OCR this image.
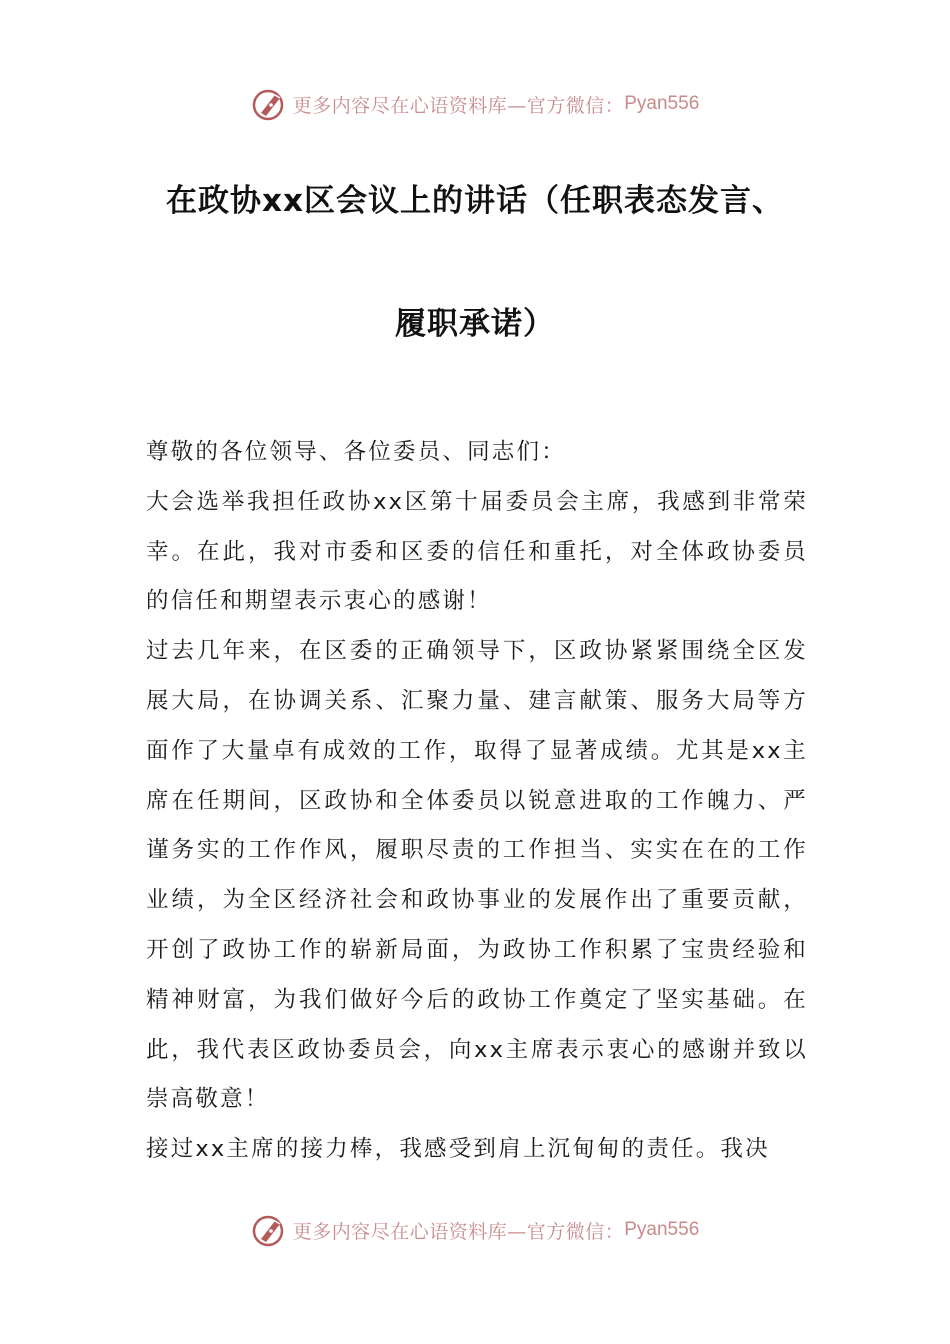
更多内容尽在心语资料库—官方微信： Pyan556
在政协xx区会议上的讲话（任职表态发言、
履职承诺）

尊敬的各位领导、各位委员、同志们：

大会选举我担任政协xx区第十届委员会主席，我感到非常荣幸。在此，我对市委和区委的信任和重托，对全体政协委员的信任和期望表示衷心的感谢！

过去几年来，在区委的正确领导下，区政协紧紧围绕全区发展大局，在协调关系、汇聚力量、建言献策、服务大局等方面作了大量卓有成效的工作，取得了显著成绩。尤其是xx主席在任期间，区政协和全体委员以锐意进取的工作魄力、严谨务实的工作作风，履职尽责的工作担当、实实在在的工作业绩，为全区经济社会和政协事业的发展作出了重要贡献，开创了政协工作的崭新局面，为政协工作积累了宝贵经验和精神财富，为我们做好今后的政协工作奠定了坚实基础。在此，我代表区政协委员会，向xx主席表示衷心的感谢并致以崇高敬意！

接过xx主席的接力棒，我感受到肩上沉甸甸的责任。我决

更多内容尽在心语资料库—官方微信： Pyan556
